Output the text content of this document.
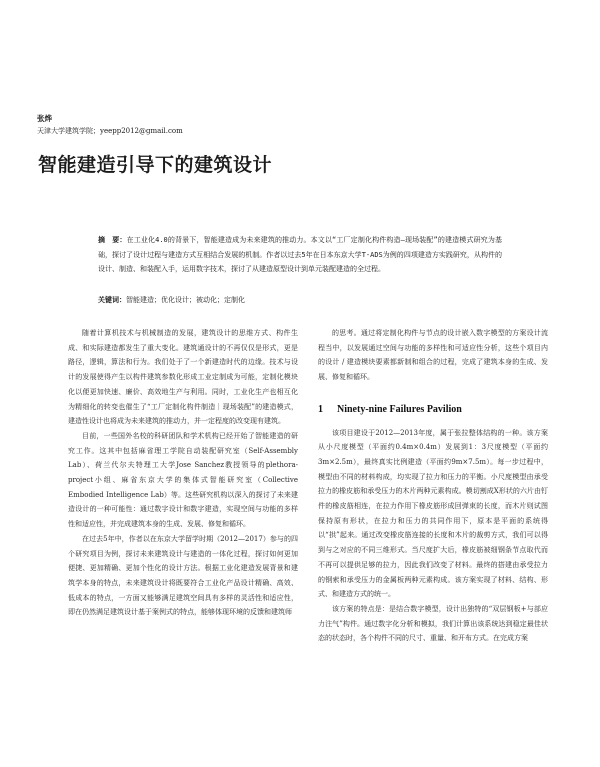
张烨
天津大学建筑学院；yeepp2012@gmail.com
智能建造引导下的建筑设计
摘　要：在工业化4.0的背景下，智能建造成为未来建筑的推动力。本文以“工厂定制化构件构造—现场装配”的建造模式研究为基础，探讨了设计过程与建造方式互相结合发展的机制。作者以过去5年在日本东京大学T-ADS为例的四项建造方实践研究，从构件的设计、制造、和装配入手，运用数字技术，探讨了从建造原型设计到单元装配建造的全过程。
关键词：智能建造；优化设计；被动化；定制化

随着计算机技术与机械制造的发展，建筑设计的思维方式、构件生成、和实际建造都发生了重大变化。建筑通设计的不再仅仅是形式，更是路径，逻辑，算法和行为。我们处于了一个新建造时代的边缘。技术与设计的发展使得产生以构件建筑参数化形成工业定制成为可能，定制化模块化以便更加快速、廉价、高效地生产与利用。同时，工业化生产也相互化为精细化的转变也催生了“工厂定制化构件制造｜现场装配”的建造模式，建造性设计也将成为未来建筑的推动力，并一定程度的改变现有建筑。

目前，一些国外名校的科研团队和学术机构已经开始了智能建造的研究工作。这其中包括麻省理工学院自动装配研究室（Self-Assembly Lab）、荷兰代尔夫特理工大学Jose Sanchez教授领导的plethora-project小组、麻省东京大学的集体式智能研究室（Collective Embodied Intelligence Lab）等。这些研究机构以深入的探讨了未来建造设计的一种可能性：通过数字设计和数字建造，实现空间与功能的多样性和适应性，并完成建筑本身的生成、发展、修复和循环。

在过去5年中，作者以在东京大学留学时期（2012—2017）参与的四个研究项目为例，探讨未来建筑设计与建造的一体化过程，探讨如何更加便捷、更加精确、更加个性化的设计方法。根据工业化建造发展背景和建筑学本身的特点，未来建筑设计将既要符合工业化产品设计精确、高效、低成本的特点，一方面又能够满足建筑空间具有多样的灵活性和适应性，即在仍然满足建筑设计基于案例式的特点，能够体现环境的反馈和建筑师

的思考。通过将定制化构件与节点的设计嵌入数字模型的方案设计流程当中，以发展通过空间与功能的多样性和可适应性分析，这些个项目内的设计 / 建造模块要素都新制和组合的过程，完成了建筑本身的生成、发展、修复和循环。

1 Ninety-nine Failures Pavilion

该项目建设于2012—2013年度，属于张拉整体结构的一种。该方案从小尺度模型（平面约0.4m×0.4m）发展到1：3尺度模型（平面约3m×2.5m），最终真实比例建造（平面约9m×7.5m）。每一步过程中，模型由不同的材料构成，均实现了拉力和压力的平衡。小尺度模型由承受拉力的橡皮筋和承受压力的木片两种元素构成。模切割成X形状的六片由钉件的橡皮筋相连，在拉力作用下橡皮筋形成回弹束的长度，而木片则试图保持原有形状，在拉力和压力的共同作用下，原本是平面的系统得以“拱”起来。通过改变橡皮筋连接的长度和木片的裁剪方式，我们可以得到与之对应的不同三维形式。当尺度扩大后，橡皮筋被细钢条节点取代而不再可以提供足够的拉力，因此我们改变了材料。最终的搭建由承受拉力的钢索和承受压力的金属板两种元素构成。该方案实现了材料、结构、形式、和建造方式的统一。

该方案的特点是：是结合数字模型，设计出独特的“双层钢板+与部应力注气”构件。通过数字化分析和模拟，我们计算出该系统达到稳定最佳状态的状态时，各个构件不同的尺寸、重量、和开布方式。在完成方案
